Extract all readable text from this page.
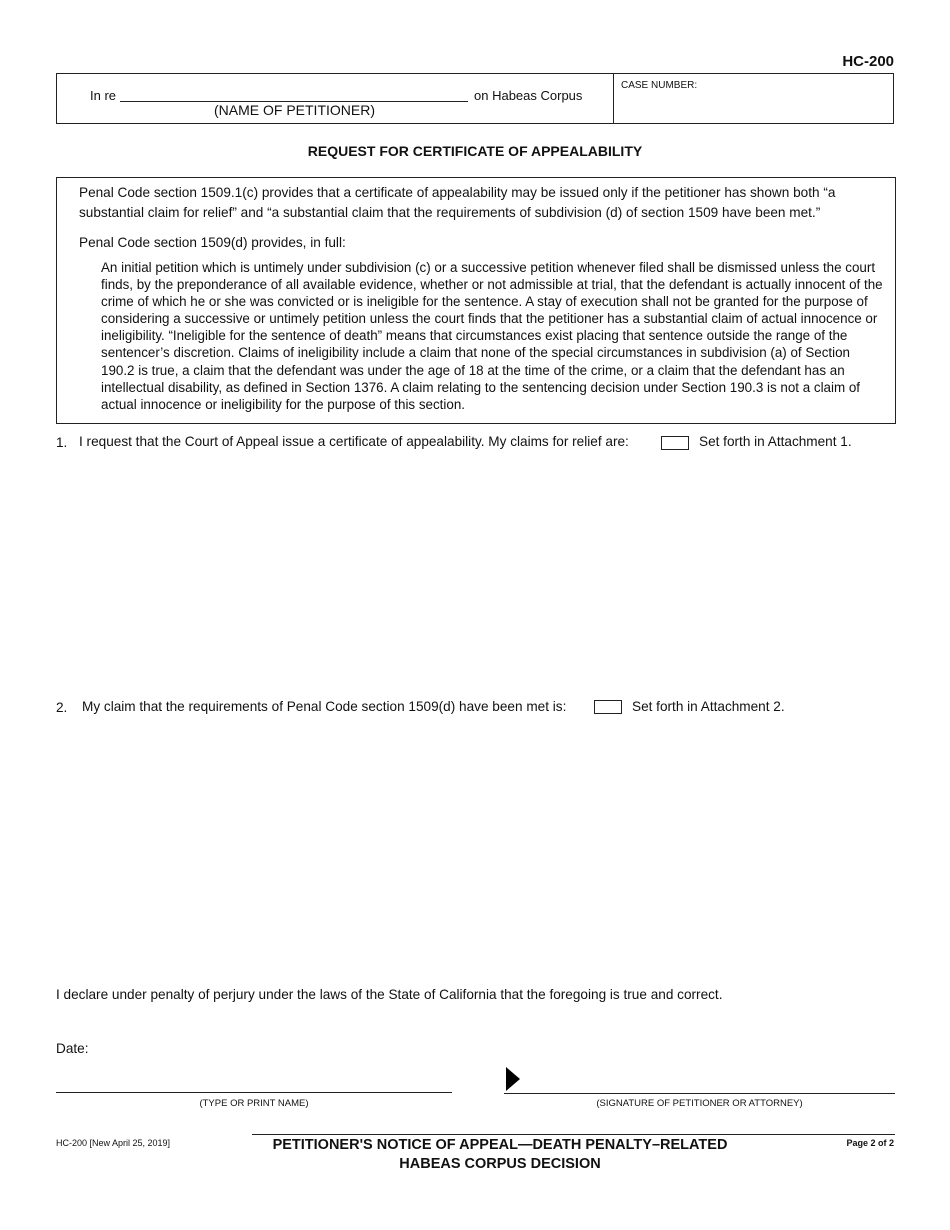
HC-200
In re	on Habeas Corpus
(NAME OF PETITIONER)
CASE NUMBER:
REQUEST FOR CERTIFICATE OF APPEALABILITY
Penal Code section 1509.1(c) provides that a certificate of appealability may be issued only if the petitioner has shown both “a substantial claim for relief” and “a substantial claim that the requirements of subdivision (d) of section 1509 have been met.”
Penal Code section 1509(d) provides, in full:
An initial petition which is untimely under subdivision (c) or a successive petition whenever filed shall be dismissed unless the court finds, by the preponderance of all available evidence, whether or not admissible at trial, that the defendant is actually innocent of the crime of which he or she was convicted or is ineligible for the sentence. A stay of execution shall not be granted for the purpose of considering a successive or untimely petition unless the court finds that the petitioner has a substantial claim of actual innocence or ineligibility. “Ineligible for the sentence of death” means that circumstances exist placing that sentence outside the range of the sentencer’s discretion. Claims of ineligibility include a claim that none of the special circumstances in subdivision (a) of Section 190.2 is true, a claim that the defendant was under the age of 18 at the time of the crime, or a claim that the defendant has an intellectual disability, as defined in Section 1376. A claim relating to the sentencing decision under Section 190.3 is not a claim of actual innocence or ineligibility for the purpose of this section.
1. I request that the Court of Appeal issue a certificate of appealability. My claims for relief are:	Set forth in Attachment 1.
2. My claim that the requirements of Penal Code section 1509(d) have been met is:	Set forth in Attachment 2.
I declare under penalty of perjury under the laws of the State of California that the foregoing is true and correct.
Date:
(TYPE OR PRINT NAME)	(SIGNATURE OF PETITIONER OR ATTORNEY)
HC-200 [New April 25, 2019]	PETITIONER'S NOTICE OF APPEAL—DEATH PENALTY–RELATED
HABEAS CORPUS DECISION
Page 2 of 2
